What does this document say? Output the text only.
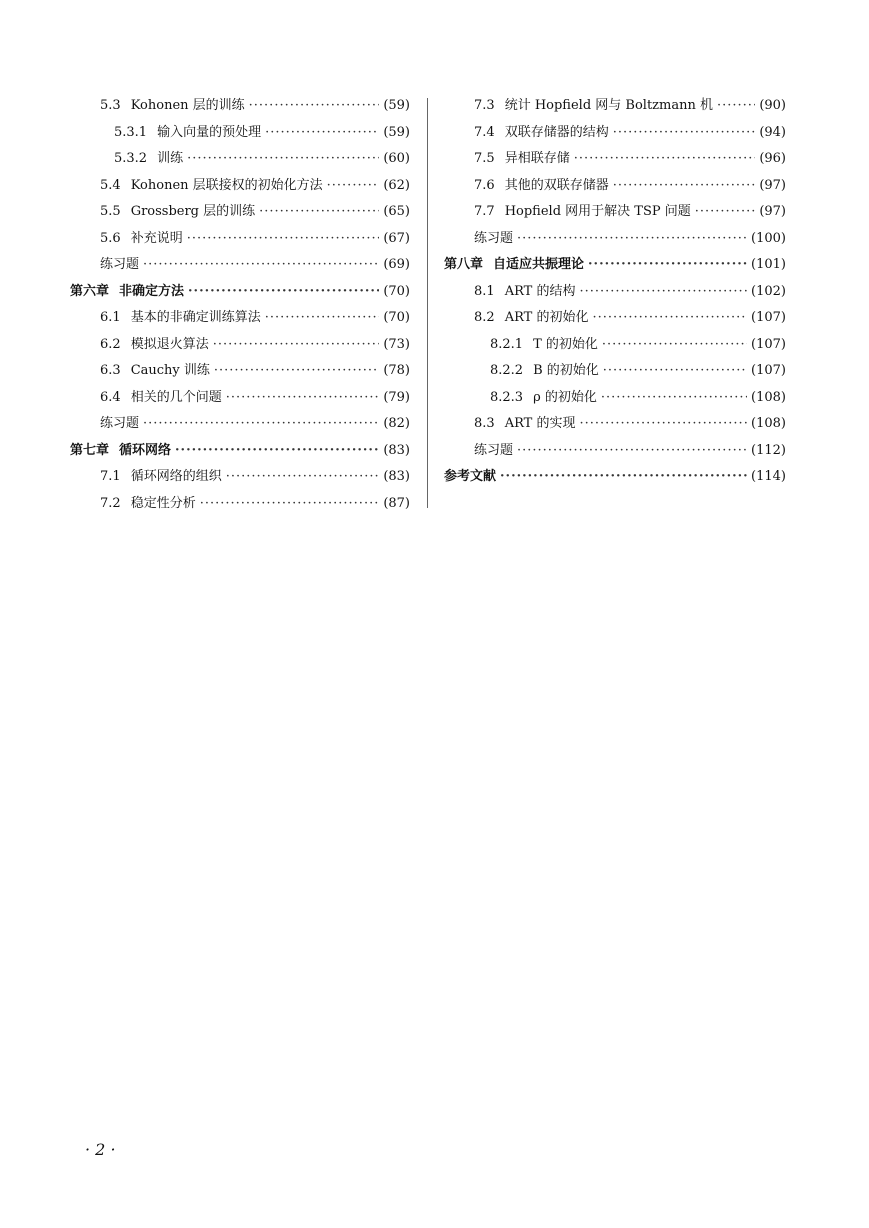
5.3 Kohonen 层的训练 ·····	(59)
5.3.1 输入向量的预处理 ·····	(59)
5.3.2 训练 ·····	(60)
5.4 Kohonen 层联接权的初始化方法 ·····	(62)
5.5 Grossberg 层的训练 ·····	(65)
5.6 补充说明 ·····	(67)
练习题 ·····	(69)
第六章 非确定方法 ·····	(70)
6.1 基本的非确定训练算法 ·····	(70)
6.2 模拟退火算法 ·····	(73)
6.3 Cauchy 训练 ·····	(78)
6.4 相关的几个问题 ·····	(79)
练习题 ·····	(82)
第七章 循环网络 ·····	(83)
7.1 循环网络的组织 ·····	(83)
7.2 稳定性分析 ·····	(87)
7.3 统计 Hopfield 网与 Boltzmann 机 ·····	(90)
7.4 双联存储器的结构 ·····	(94)
7.5 异相联存储 ·····	(96)
7.6 其他的双联存储器 ·····	(97)
7.7 Hopfield 网用于解决 TSP 问题 ·····	(97)
练习题 ·····	(100)
第八章 自适应共振理论 ·····	(101)
8.1 ART 的结构 ·····	(102)
8.2 ART 的初始化 ·····	(107)
8.2.1 T 的初始化 ·····	(107)
8.2.2 B 的初始化 ·····	(107)
8.2.3 ρ 的初始化 ·····	(108)
8.3 ART 的实现 ·····	(108)
练习题 ·····	(112)
参考文献 ·····	(114)
· 2 ·
